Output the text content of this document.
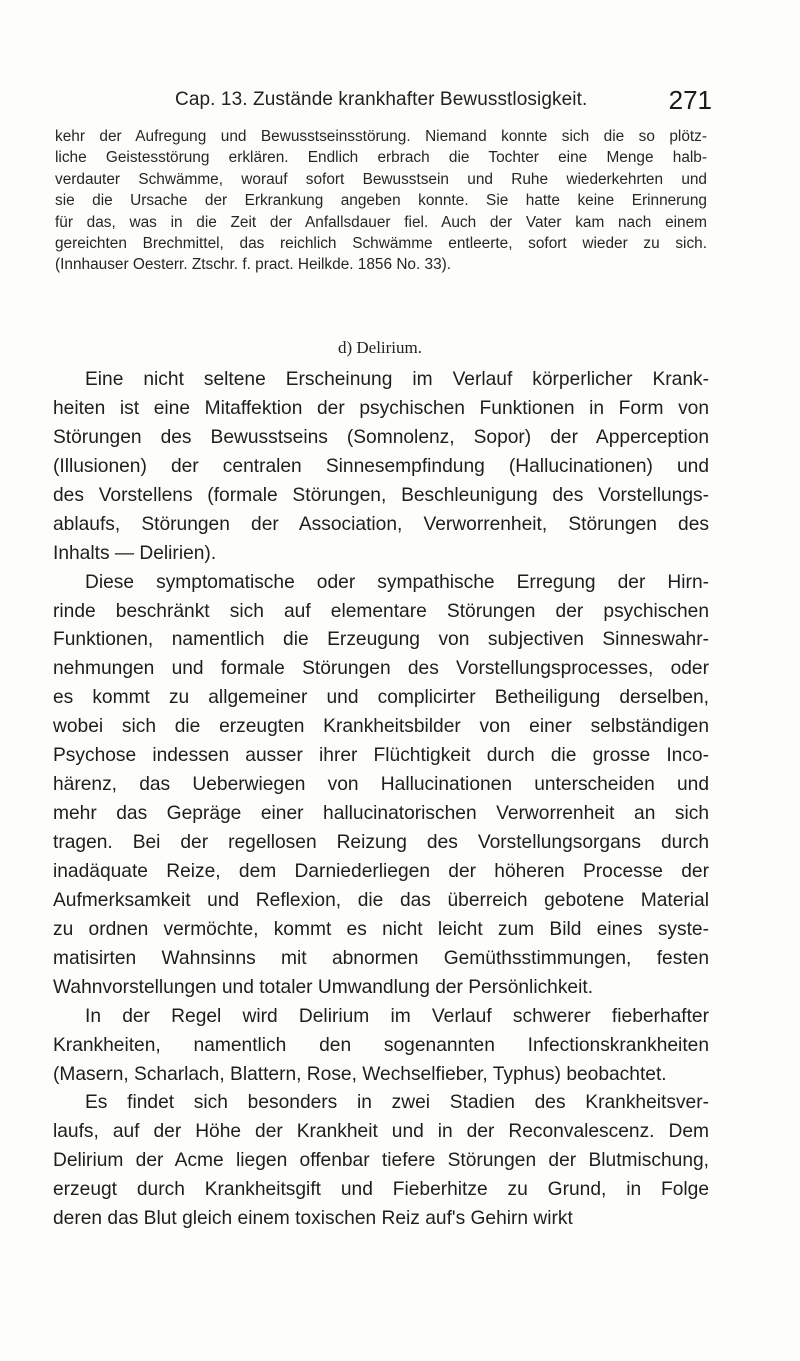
Cap. 13. Zustände krankhafter Bewusstlosigkeit.	271
kehr der Aufregung und Bewusstseinsstörung. Niemand konnte sich die so plötz-
liche Geistesstörung erklären. Endlich erbrach die Tochter eine Menge halb-
verdauter Schwämme, worauf sofort Bewusstsein und Ruhe wiederkehrten und
sie die Ursache der Erkrankung angeben konnte. Sie hatte keine Erinnerung
für das, was in die Zeit der Anfallsdauer fiel. Auch der Vater kam nach einem
gereichten Brechmittel, das reichlich Schwämme entleerte, sofort wieder zu sich.
(Innhauser Oesterr. Ztschr. f. pract. Heilkde. 1856 No. 33).
d) Delirium.
Eine nicht seltene Erscheinung im Verlauf körperlicher Krank-
heiten ist eine Mitaffektion der psychischen Funktionen in Form von
Störungen des Bewusstseins (Somnolenz, Sopor) der Apperception
(Illusionen) der centralen Sinnesempfindung (Hallucinationen) und
des Vorstellens (formale Störungen, Beschleunigung des Vorstellungs-
ablaufs, Störungen der Association, Verworrenheit, Störungen des
Inhalts — Delirien).
Diese symptomatische oder sympathische Erregung der Hirn-
rinde beschränkt sich auf elementare Störungen der psychischen
Funktionen, namentlich die Erzeugung von subjectiven Sinneswahr-
nehmungen und formale Störungen des Vorstellungsprocesses, oder
es kommt zu allgemeiner und complicirter Betheiligung derselben,
wobei sich die erzeugten Krankheitsbilder von einer selbständigen
Psychose indessen ausser ihrer Flüchtigkeit durch die grosse Inco-
härenz, das Ueberwiegen von Hallucinationen unterscheiden und
mehr das Gepräge einer hallucinatorischen Verworrenheit an sich
tragen. Bei der regellosen Reizung des Vorstellungsorgans durch
inadäquate Reize, dem Darniederliegen der höheren Processe der
Aufmerksamkeit und Reflexion, die das überreich gebotene Material
zu ordnen vermöchte, kommt es nicht leicht zum Bild eines syste-
matisirten Wahnsinns mit abnormen Gemüthsstimmungen, festen
Wahnvorstellungen und totaler Umwandlung der Persönlichkeit.
In der Regel wird Delirium im Verlauf schwerer fieberhafter
Krankheiten, namentlich den sogenannten Infectionskrankheiten
(Masern, Scharlach, Blattern, Rose, Wechselfieber, Typhus) beobachtet.
Es findet sich besonders in zwei Stadien des Krankheitsver-
laufs, auf der Höhe der Krankheit und in der Reconvalescenz. Dem
Delirium der Acme liegen offenbar tiefere Störungen der Blutmischung,
erzeugt durch Krankheitsgift und Fieberhitze zu Grund, in Folge
deren das Blut gleich einem toxischen Reiz auf's Gehirn wirkt
